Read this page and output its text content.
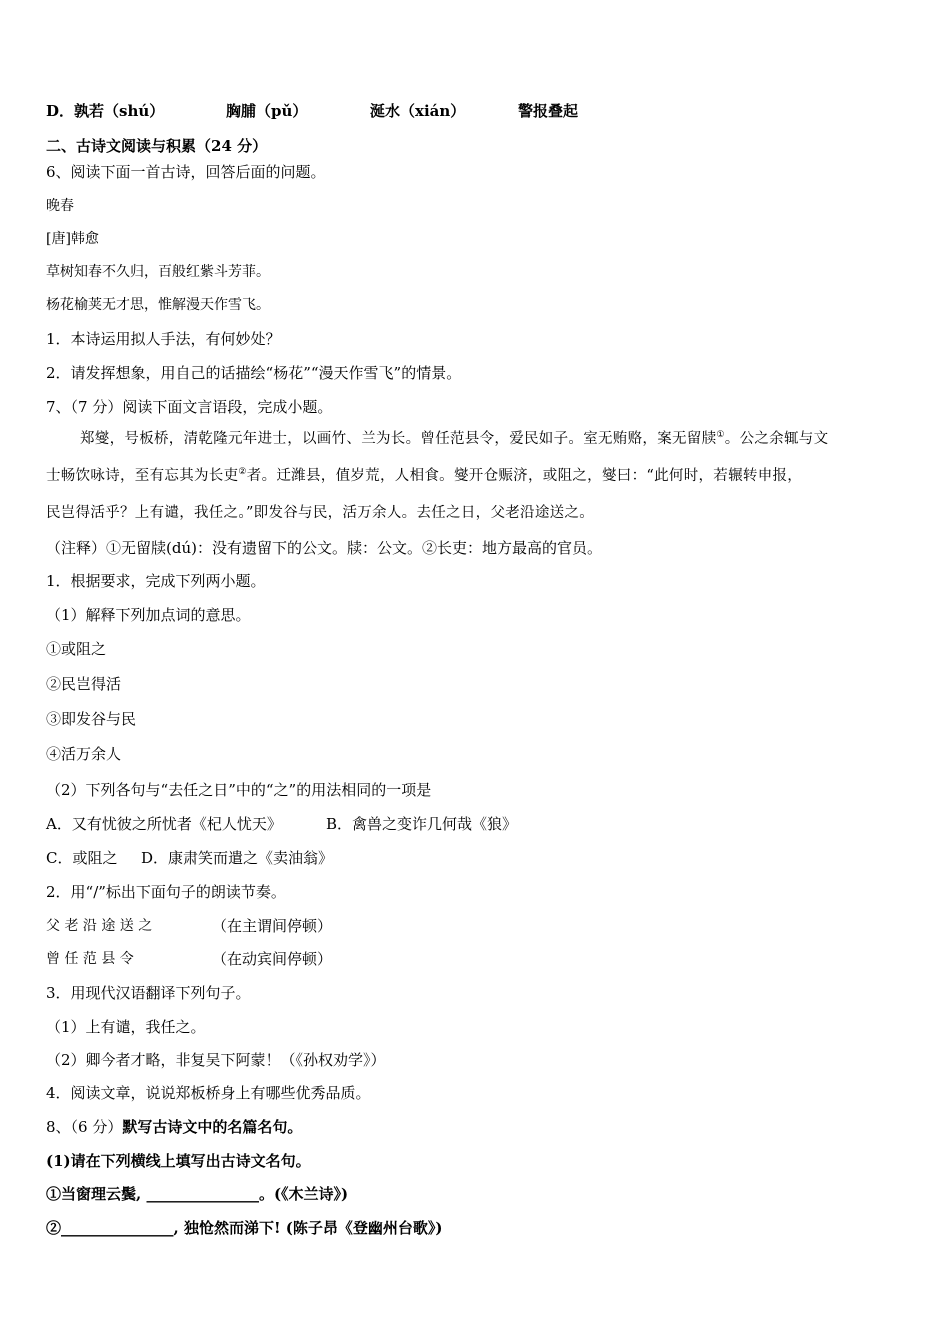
D．孰若（shú）	胸脯（pǔ）	涎水（xián）	警报叠起
二、古诗文阅读与积累（24 分）
6、阅读下面一首古诗，回答后面的问题。
晚春
[唐]韩愈
草树知春不久归，百般红紫斗芳菲。
杨花榆荚无才思，惟解漫天作雪飞。
1．本诗运用拟人手法，有何妙处？
2．请发挥想象，用自己的话描绘“杨花”“漫天作雪飞”的情景。
7、（7 分）阅读下面文言语段，完成小题。
郑燮，号板桥，清乾隆元年进士，以画竹、兰为长。曾任范县令，爱民如子。室无贿赂，案无留牍①。公之余辄与文
士畅饮咏诗，至有忘其为长吏②者。迁潍县，值岁荒，人相食。燮开仓赈济，或阻之，燮曰：“此何时，若辗转申报，
民岂得活乎？上有谴，我任之。”即发谷与民，活万余人。去任之日，父老沿途送之。
（注释）①无留牍(dú)：没有遗留下的公文。牍：公文。②长吏：地方最高的官员。
1．根据要求，完成下列两小题。
（1）解释下列加点词的意思。
①或阻之
②民岂得活
③即发谷与民
④活万余人
（2）下列各句与“去任之日”中的“之”的用法相同的一项是
A．又有忧彼之所忧者《杞人忧天》	B．禽兽之变诈几何哉《狼》
C．或阻之 D．康肃笑而遣之《卖油翁》
2．用“/”标出下面句子的朗读节奏。
父 老 沿 途 送 之	（在主谓间停顿）
曾 任 范 县 令	（在动宾间停顿）
3．用现代汉语翻译下列句子。
（1）上有谴，我任之。
（2）卿今者才略，非复吴下阿蒙！（《孙权劝学》）
4．阅读文章，说说郑板桥身上有哪些优秀品质。
8、（6 分）默写古诗文中的名篇名句。
(1)请在下列横线上填写出古诗文名句。
①当窗理云鬓, _______________。(《木兰诗》)
②_______________, 独怆然而涕下! (陈子昂《登幽州台歌》)
